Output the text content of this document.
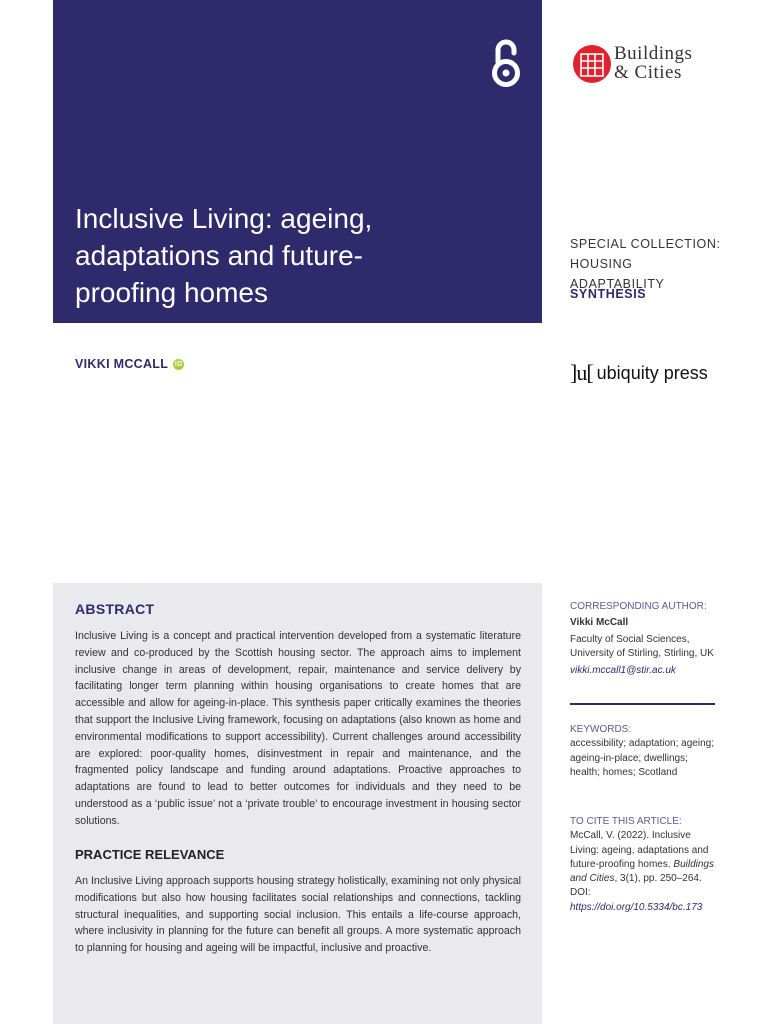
Inclusive Living: ageing,
adaptations and future-
proofing homes
Buildings
& Cities
SPECIAL COLLECTION:
HOUSING ADAPTABILITY
SYNTHESIS
VIKKI MCCALL iD	]u[ ubiquity press
ABSTRACT

Inclusive Living is a concept and practical intervention developed from a systematic literature review and co-produced by the Scottish housing sector. The approach aims to implement inclusive change in areas of development, repair, maintenance and service delivery by facilitating longer term planning within housing organisations to create homes that are accessible and allow for ageing-in-place. This synthesis paper critically examines the theories that support the Inclusive Living framework, focusing on adaptations (also known as home and environmental modifications to support accessibility). Current challenges around accessibility are explored: poor-quality homes, disinvestment in repair and maintenance, and the fragmented policy landscape and funding around adaptations. Proactive approaches to adaptations are found to lead to better outcomes for individuals and they need to be understood as a ‘public issue’ not a ‘private trouble’ to encourage investment in housing sector solutions.

PRACTICE RELEVANCE

An Inclusive Living approach supports housing strategy holistically, examining not only physical modifications but also how housing facilitates social relationships and connections, tackling structural inequalities, and supporting social inclusion. This entails a life-course approach, where inclusivity in planning for the future can benefit all groups. A more systematic approach to planning for housing and ageing will be impactful, inclusive and proactive.

CORRESPONDING AUTHOR:
Vikki McCall
Faculty of Social Sciences, University of Stirling, Stirling, UK
vikki.mccall1@stir.ac.uk
KEYWORDS:
accessibility; adaptation; ageing; ageing-in-place; dwellings; health; homes; Scotland
TO CITE THIS ARTICLE:
McCall, V. (2022). Inclusive Living: ageing, adaptations and future-proofing homes. Buildings and Cities, 3(1), pp. 250–264. DOI: https://doi.org/10.5334/bc.173
